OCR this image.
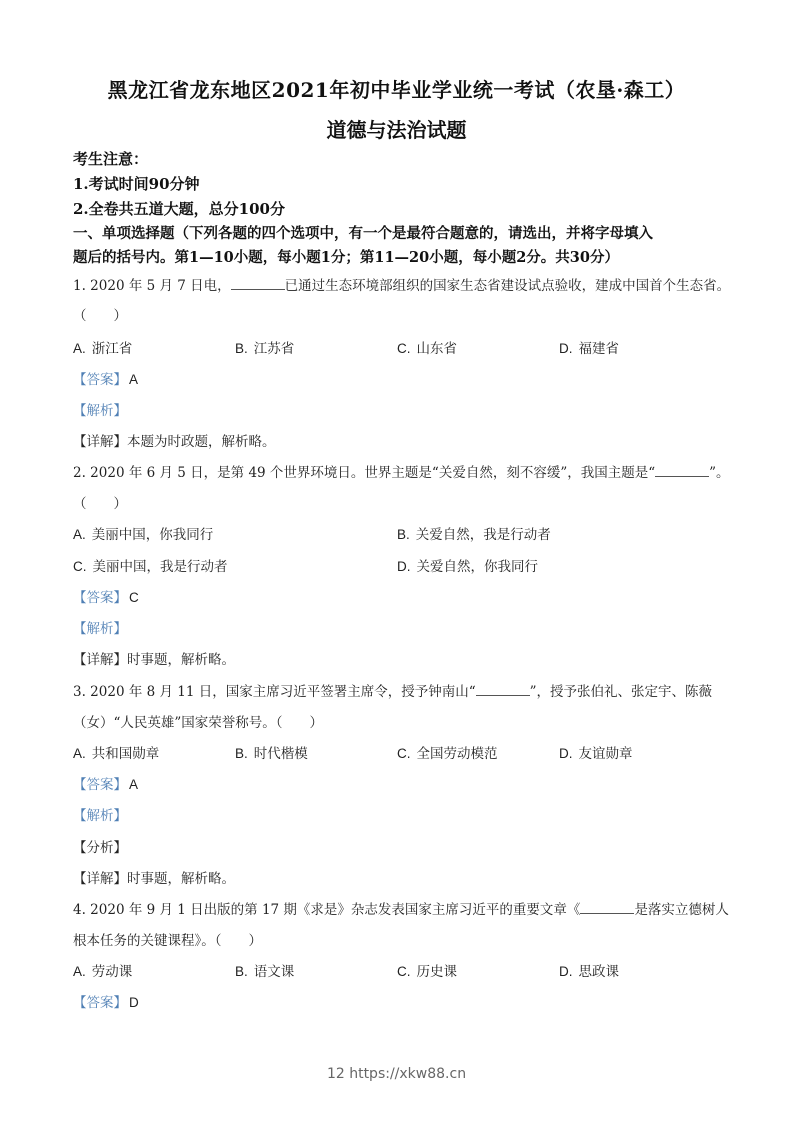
黑龙江省龙东地区2021年初中毕业学业统一考试（农垦·森工）
道德与法治试题
考生注意：
1.考试时间90分钟
2.全卷共五道大题，总分100分
一、单项选择题（下列各题的四个选项中，有一个是最符合题意的，请选出，并将字母填入
题后的括号内。第1—10小题，每小题1分；第11—20小题，每小题2分。共30分）
1. 2020 年 5 月 7 日电，	已通过生态环境部组织的国家生态省建设试点验收，建成中国首个生态省。
（　　）
A. 浙江省	B. 江苏省	C. 山东省	D. 福建省
【答案】 A
【解析】
【详解】本题为时政题，解析略。
2. 2020 年 6 月 5 日，是第 49 个世界环境日。世界主题是“关爱自然，刻不容缓”，我国主题是“	”。
（　　）
A. 美丽中国，你我同行	B. 关爱自然，我是行动者
C. 美丽中国，我是行动者	D. 关爱自然，你我同行
【答案】 C
【解析】
【详解】时事题，解析略。
3. 2020 年 8 月 11 日，国家主席习近平签署主席令，授予钟南山“	”，授予张伯礼、张定宇、陈薇
（女）“人民英雄”国家荣誉称号。（　　）
A. 共和国勋章	B. 时代楷模	C. 全国劳动模范	D. 友谊勋章
【答案】 A
【解析】
【分析】
【详解】时事题，解析略。
4. 2020 年 9 月 1 日出版的第 17 期《求是》杂志发表国家主席习近平的重要文章《	是落实立德树人
根本任务的关键课程》。（　　）
A. 劳动课	B. 语文课	C. 历史课	D. 思政课
【答案】 D
12 https://xkw88.cn
